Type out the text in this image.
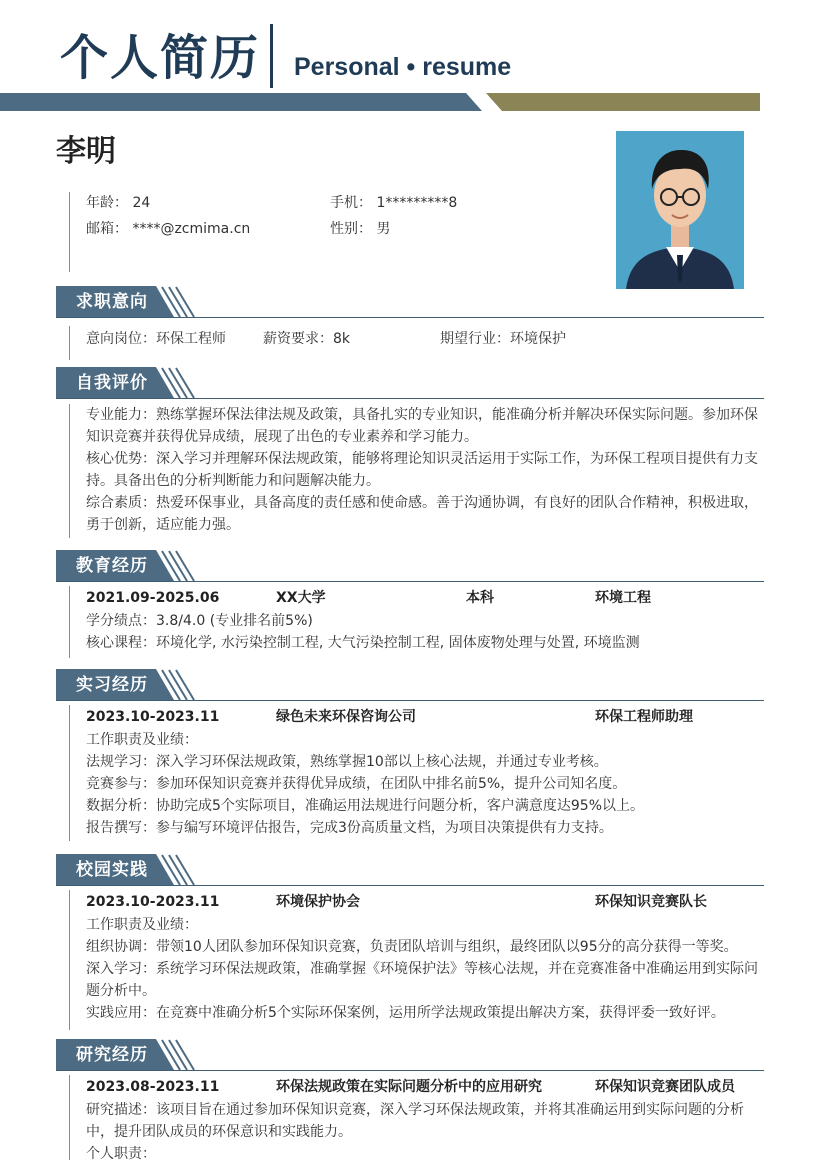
个人简历 Personal • resume
李明
年龄： 24	手机： 1*********8
邮箱： ****@zcmima.cn	性别： 男
求职意向
意向岗位：环保工程师	薪资要求：8k	期望行业：环境保护
自我评价
专业能力：熟练掌握环保法律法规及政策，具备扎实的专业知识，能准确分析并解决环保实际问题。参加环保知识竞赛并获得优异成绩，展现了出色的专业素养和学习能力。
核心优势：深入学习并理解环保法规政策，能够将理论知识灵活运用于实际工作，为环保工程项目提供有力支持。具备出色的分析判断能力和问题解决能力。
综合素质：热爱环保事业，具备高度的责任感和使命感。善于沟通协调，有良好的团队合作精神，积极进取，勇于创新，适应能力强。
教育经历
2021.09-2025.06	XX大学	本科	环境工程
学分绩点：3.8/4.0 (专业排名前5%)
核心课程：环境化学, 水污染控制工程, 大气污染控制工程, 固体废物处理与处置, 环境监测
实习经历
2023.10-2023.11	绿色未来环保咨询公司	环保工程师助理
工作职责及业绩：
法规学习：深入学习环保法规政策，熟练掌握10部以上核心法规，并通过专业考核。
竞赛参与：参加环保知识竞赛并获得优异成绩，在团队中排名前5%，提升公司知名度。
数据分析：协助完成5个实际项目，准确运用法规进行问题分析，客户满意度达95%以上。
报告撰写：参与编写环境评估报告，完成3份高质量文档，为项目决策提供有力支持。
校园实践
2023.10-2023.11	环境保护协会	环保知识竞赛队长
工作职责及业绩：
组织协调：带领10人团队参加环保知识竞赛，负责团队培训与组织，最终团队以95分的高分获得一等奖。
深入学习：系统学习环保法规政策，准确掌握《环境保护法》等核心法规，并在竞赛准备中准确运用到实际问题分析中。
实践应用：在竞赛中准确分析5个实际环保案例，运用所学法规政策提出解决方案，获得评委一致好评。
研究经历
2023.08-2023.11	环保法规政策在实际问题分析中的应用研究	环保知识竞赛团队成员
研究描述：该项目旨在通过参加环保知识竞赛，深入学习环保法规政策，并将其准确运用到实际问题的分析中，提升团队成员的环保意识和实践能力。
个人职责：
